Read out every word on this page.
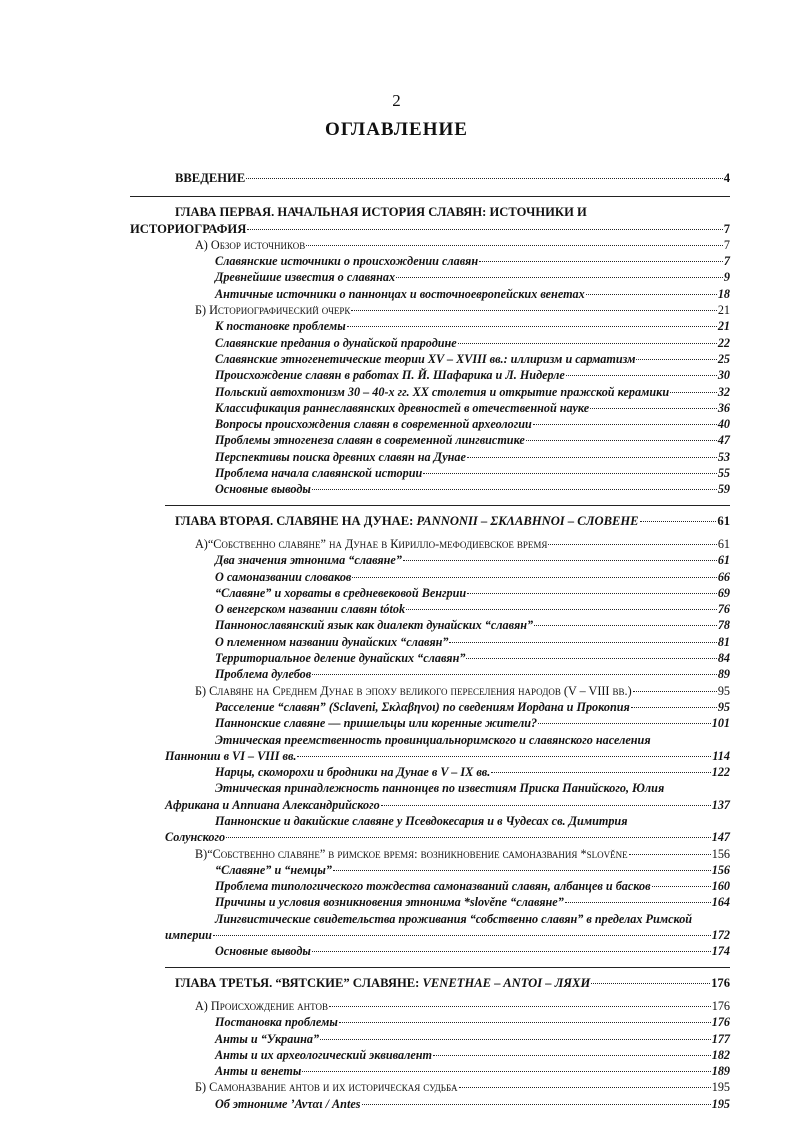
2
ОГЛАВЛЕНИЕ
ВВЕДЕНИЕ	4
ГЛАВА ПЕРВАЯ. НАЧАЛЬНАЯ ИСТОРИЯ СЛАВЯН: ИСТОЧНИКИ И
ИСТОРИОГРАФИЯ	7
А) Обзор источников	7
Славянские источники о происхождении славян	7
Древнейшие известия о славянах	9
Античные источники о паннонцах и восточноевропейских венетах	18
Б) Историографический очерк	21
К постановке проблемы	21
Славянские предания о дунайской прародине	22
Славянские этногенетические теории XV – XVIII вв.: иллиризм и сарматизм	25
Происхождение славян в работах П. Й. Шафарика и Л. Нидерле	30
Польский автохтонизм 30 – 40-х гг. XX столетия и открытие пражской керамики	32
Классификация раннеславянских древностей в отечественной науке	36
Вопросы происхождения славян в современной археологии	40
Проблемы этногенеза славян в современной лингвистике	47
Перспективы поиска древних славян на Дунае	53
Проблема начала славянской истории	55
Основные выводы	59
ГЛАВА ВТОРАЯ. СЛАВЯНЕ НА ДУНАЕ: PANNONII – ΣΚΛΑΒΗΝΟΙ – СЛОВЕНЕ	61
А)“Собственно славяне” на Дунае в Кирилло-мефодиевское время	61
Два значения этнонима “славяне”	61
О самоназвании словаков	66
“Славяне” и хорваты в средневековой Венгрии	69
О венгерском названии славян tótok	76
Паннонославянский язык как диалект дунайских “славян”	78
О племенном названии дунайских “славян”	81
Территориальное деление дунайских “славян”	84
Проблема дулебов	89
Б) Славяне на Среднем Дунае в эпоху великого переселения народов (V – VIII вв.)	95
Расселение “славян” (Sclaveni, Σκλαβηνοι) по сведениям Иордана и Прокопия	95
Паннонские славяне — пришельцы или коренные жители?	101
Этническая преемственность провинциальноримского и славянского населения
Паннонии в VI – VIII вв.	114
Нарцы, скоморохи и бродники на Дунае в V – IX вв.	122
Этническая принадлежность паннонцев по известиям Приска Панийского, Юлия
Африкана и Аппиана Александрийского	137
Паннонские и дакийские славяне у Псевдокесария и в Чудесах св. Димитрия
Солунского	147
В)“Собственно славяне” в римское время: возникновение самоназвания *slověne	156
“Славяне” и “немцы”	156
Проблема типологического тождества самоназваний славян, албанцев и басков	160
Причины и условия возникновения этнонима *slověne “славяне”	164
Лингвистические свидетельства проживания “собственно славян” в пределах Римской
империи	172
Основные выводы	174
ГЛАВА ТРЕТЬЯ. “ВЯТСКИЕ” СЛАВЯНЕ: VENETHAE – ANTOI – ЛЯХИ	176
А) Происхождение антов	176
Постановка проблемы	176
Анты и “Украина”	177
Анты и их археологический эквивалент	182
Анты и венеты	189
Б) Самоназвание антов и их историческая судьба	195
Об этнониме ’Ανται / Antes	195
